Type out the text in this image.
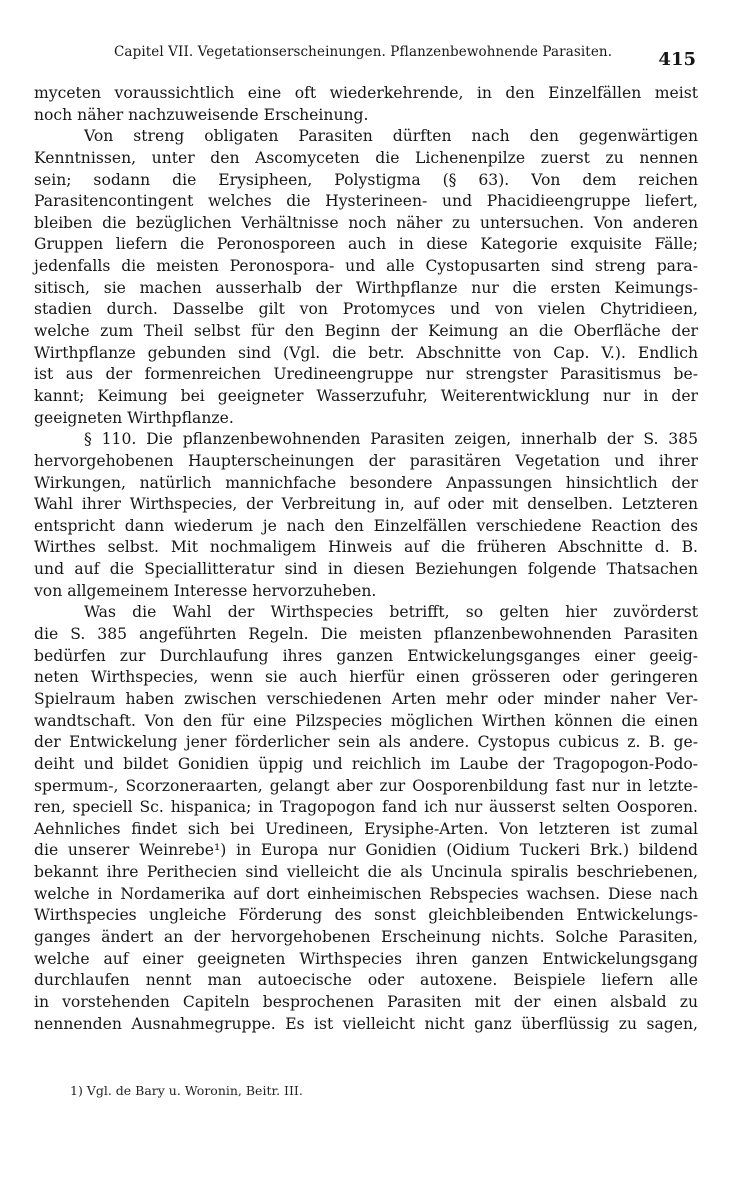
Capitel VII. Vegetationserscheinungen. Pflanzenbewohnende Parasiten.	415
myceten voraussichtlich eine oft wiederkehrende, in den Einzelfällen meist
noch näher nachzuweisende Erscheinung.
Von streng obligaten Parasiten dürften nach den gegenwärtigen
Kenntnissen, unter den Ascomyceten die Lichenenpilze zuerst zu nennen
sein; sodann die Erysipheen, Polystigma (§ 63). Von dem reichen
Parasitencontingent welches die Hysterineen- und Phacidieengruppe liefert,
bleiben die bezüglichen Verhältnisse noch näher zu untersuchen. Von anderen
Gruppen liefern die Peronosporeen auch in diese Kategorie exquisite Fälle;
jedenfalls die meisten Peronospora- und alle Cystopusarten sind streng para-
sitisch, sie machen ausserhalb der Wirthpflanze nur die ersten Keimungs-
stadien durch. Dasselbe gilt von Protomyces und von vielen Chytridieen,
welche zum Theil selbst für den Beginn der Keimung an die Oberfläche der
Wirthpflanze gebunden sind (Vgl. die betr. Abschnitte von Cap. V.). Endlich
ist aus der formenreichen Uredineengruppe nur strengster Parasitismus be-
kannt; Keimung bei geeigneter Wasserzufuhr, Weiterentwicklung nur in der
geeigneten Wirthpflanze.
§ 110. Die pflanzenbewohnenden Parasiten zeigen, innerhalb der S. 385
hervorgehobenen Haupterscheinungen der parasitären Vegetation und ihrer
Wirkungen, natürlich mannichfache besondere Anpassungen hinsichtlich der
Wahl ihrer Wirthspecies, der Verbreitung in, auf oder mit denselben. Letzteren
entspricht dann wiederum je nach den Einzelfällen verschiedene Reaction des
Wirthes selbst. Mit nochmaligem Hinweis auf die früheren Abschnitte d. B.
und auf die Speciallitteratur sind in diesen Beziehungen folgende Thatsachen
von allgemeinem Interesse hervorzuheben.
Was die Wahl der Wirthspecies betrifft, so gelten hier zuvörderst
die S. 385 angeführten Regeln. Die meisten pflanzenbewohnenden Parasiten
bedürfen zur Durchlaufung ihres ganzen Entwickelungsganges einer geeig-
neten Wirthspecies, wenn sie auch hierfür einen grösseren oder geringeren
Spielraum haben zwischen verschiedenen Arten mehr oder minder naher Ver-
wandtschaft. Von den für eine Pilzspecies möglichen Wirthen können die einen
der Entwickelung jener förderlicher sein als andere. Cystopus cubicus z. B. ge-
deiht und bildet Gonidien üppig und reichlich im Laube der Tragopogon-Podo-
spermum-, Scorzoneraarten, gelangt aber zur Oosporenbildung fast nur in letzte-
ren, speciell Sc. hispanica; in Tragopogon fand ich nur äusserst selten Oosporen.
Aehnliches findet sich bei Uredineen, Erysiphe-Arten. Von letzteren ist zumal
die unserer Weinrebe¹) in Europa nur Gonidien (Oidium Tuckeri Brk.) bildend
bekannt ihre Perithecien sind vielleicht die als Uncinula spiralis beschriebenen,
welche in Nordamerika auf dort einheimischen Rebspecies wachsen. Diese nach
Wirthspecies ungleiche Förderung des sonst gleichbleibenden Entwickelungs-
ganges ändert an der hervorgehobenen Erscheinung nichts. Solche Parasiten,
welche auf einer geeigneten Wirthspecies ihren ganzen Entwickelungsgang
durchlaufen nennt man autoecische oder autoxene. Beispiele liefern alle
in vorstehenden Capiteln besprochenen Parasiten mit der einen alsbald zu
nennenden Ausnahmegruppe. Es ist vielleicht nicht ganz überflüssig zu sagen,
1) Vgl. de Bary u. Woronin, Beitr. III.
